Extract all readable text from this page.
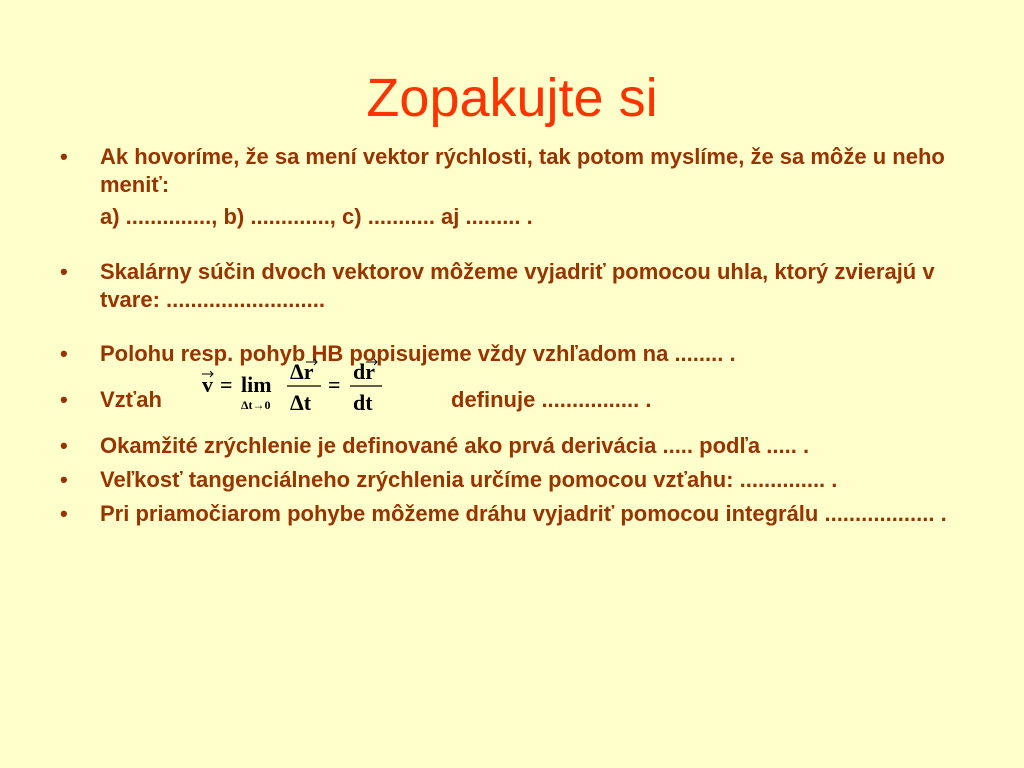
Zopakujte si
• Ak hovoríme, že sa mení vektor rýchlosti, tak potom myslíme, že sa môže u neho meniť:
a) .............., b) ............., c) ........... aj ......... .
• Skalárny súčin dvoch vektorov môžeme vyjadriť pomocou uhla, ktorý zvierajú v tvare: ..........................
• Polohu resp. pohyb HB popisujeme vždy vzhľadom na ........ .
• Vzťah
v = lim
Δt→0
Δr
Δt
=
dr
dt	definuje ................ .
• Okamžité zrýchlenie je definované ako prvá derivácia ..... podľa ..... .
• Veľkosť tangenciálneho zrýchlenia určíme pomocou vzťahu: .............. .
• Pri priamočiarom pohybe môžeme dráhu vyjadriť pomocou integrálu .................. .
